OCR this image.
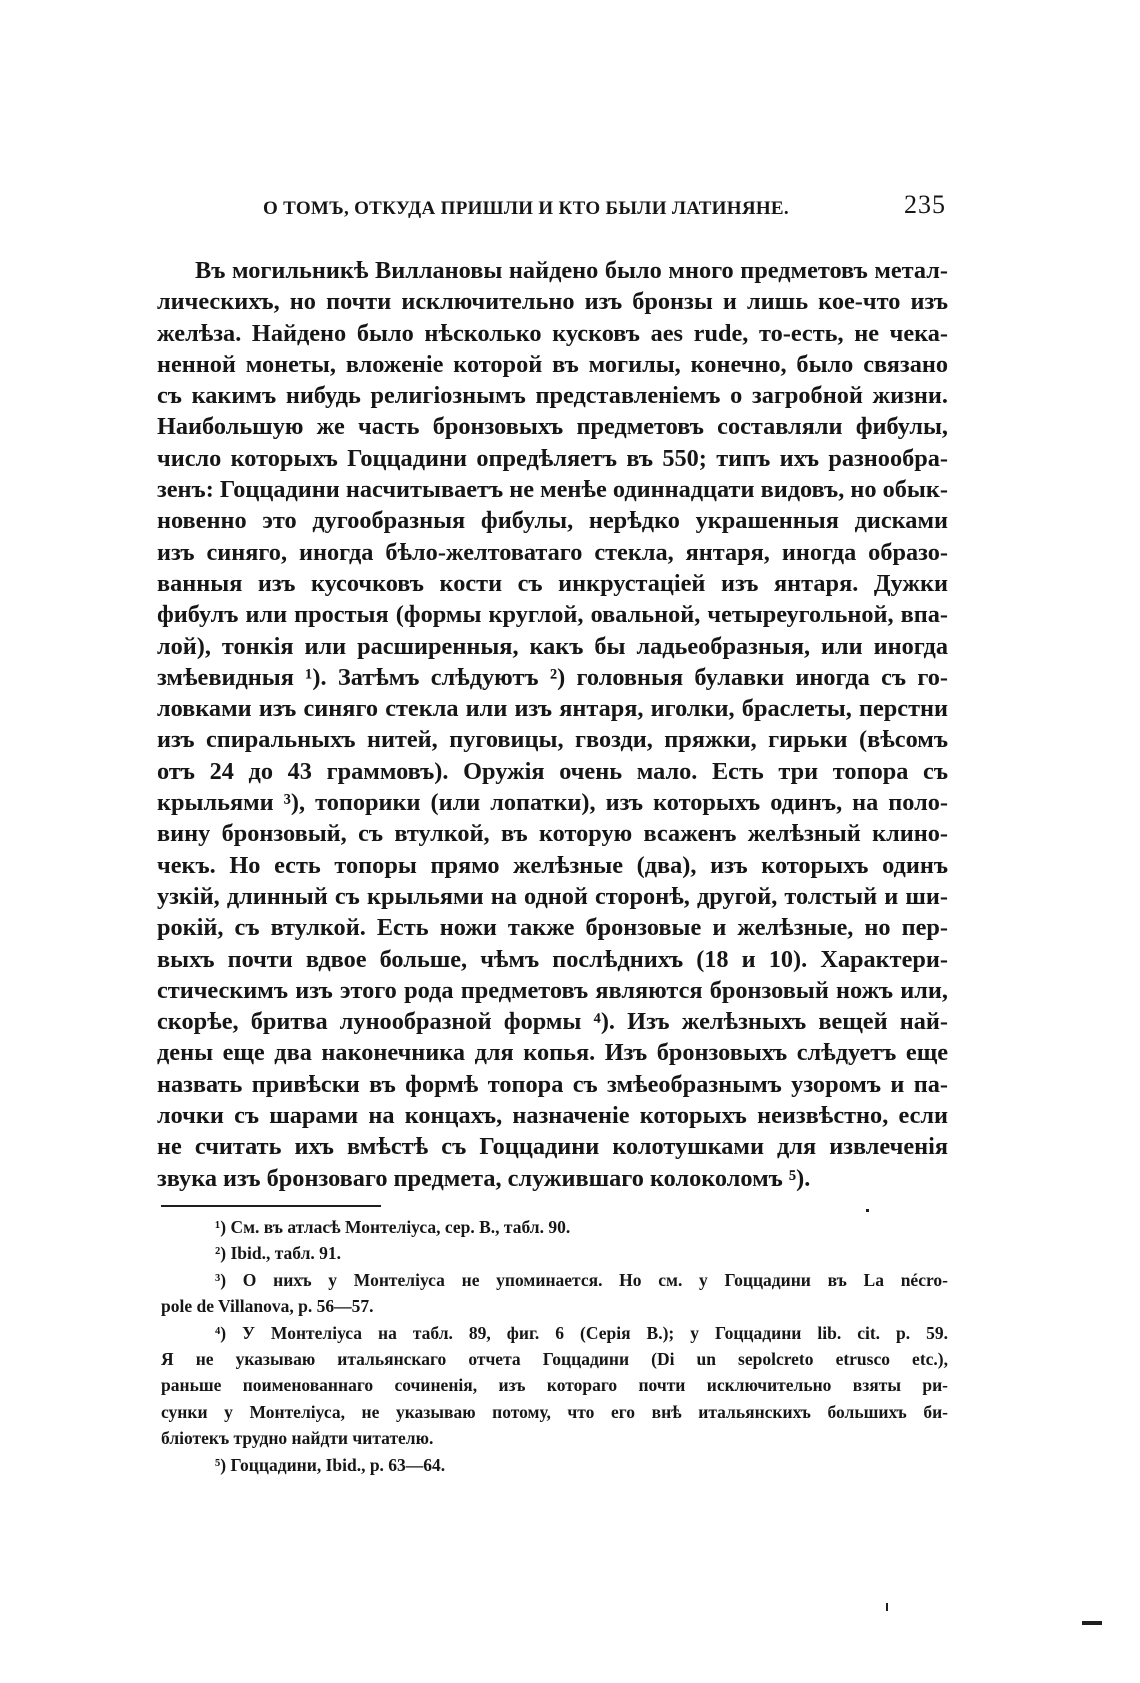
О ТОМЪ, ОТКУДА ПРИШЛИ И КТО БЫЛИ ЛАТИНЯНЕ.	235
Въ могильникѣ Виллановы найдено было много предметовъ метал-
лическихъ, но почти исключительно изъ бронзы и лишь кое-что изъ
желѣза. Найдено было нѣсколько кусковъ aes rude, то-есть, не чека-
ненной монеты, вложеніе которой въ могилы, конечно, было связано
съ какимъ нибудь религіознымъ представленіемъ о загробной жизни.
Наибольшую же часть бронзовыхъ предметовъ составляли фибулы,
число которыхъ Гоццадини опредѣляетъ въ 550; типъ ихъ разнообра-
зенъ: Гоццадини насчитываетъ не менѣе одиннадцати видовъ, но обык-
новенно это дугообразныя фибулы, нерѣдко украшенныя дисками
изъ синяго, иногда бѣло-желтоватаго стекла, янтаря, иногда образо-
ванныя изъ кусочковъ кости съ инкрустаціей изъ янтаря. Дужки
фибулъ или простыя (формы круглой, овальной, четыреугольной, впа-
лой), тонкія или расширенныя, какъ бы ладьеобразныя, или иногда
змѣевидныя ¹). Затѣмъ слѣдуютъ ²) головныя булавки иногда съ го-
ловками изъ синяго стекла или изъ янтаря, иголки, браслеты, перстни
изъ спиральныхъ нитей, пуговицы, гвозди, пряжки, гирьки (вѣсомъ
отъ 24 до 43 граммовъ). Оружія очень мало. Есть три топора съ
крыльями ³), топорики (или лопатки), изъ которыхъ одинъ, на поло-
вину бронзовый, съ втулкой, въ которую всаженъ желѣзный клино-
чекъ. Но есть топоры прямо желѣзные (два), изъ которыхъ одинъ
узкій, длинный съ крыльями на одной сторонѣ, другой, толстый и ши-
рокій, съ втулкой. Есть ножи также бронзовые и желѣзные, но пер-
выхъ почти вдвое больше, чѣмъ послѣднихъ (18 и 10). Характери-
стическимъ изъ этого рода предметовъ являются бронзовый ножъ или,
скорѣе, бритва лунообразной формы ⁴). Изъ желѣзныхъ вещей най-
дены еще два наконечника для копья. Изъ бронзовыхъ слѣдуетъ еще
назвать привѣски въ формѣ топора съ змѣеобразнымъ узоромъ и па-
лочки съ шарами на концахъ, назначеніе которыхъ неизвѣстно, если
не считать ихъ вмѣстѣ съ Гоццадини колотушками для извлеченія
звука изъ бронзоваго предмета, служившаго колоколомъ ⁵).
¹) См. въ атласѣ Монтеліуса, сер. B., табл. 90.
²) Ibid., табл. 91.
³) О нихъ у Монтеліуса не упоминается. Но см. у Гоццадини въ La nécro-
pole de Villanova, p. 56—57.
⁴) У Монтеліуса на табл. 89, фиг. 6 (Серія B.); у Гоццадини lib. cit. p. 59.
Я не указываю итальянскаго отчета Гоццадини (Di un sepolcreto etrusco etc.),
раньше поименованнаго сочиненія, изъ котораго почти исключительно взяты ри-
сунки у Монтеліуса, не указываю потому, что его внѣ итальянскихъ большихъ би-
бліотекъ трудно найдти читателю.
⁵) Гоццадини, Ibid., p. 63—64.
